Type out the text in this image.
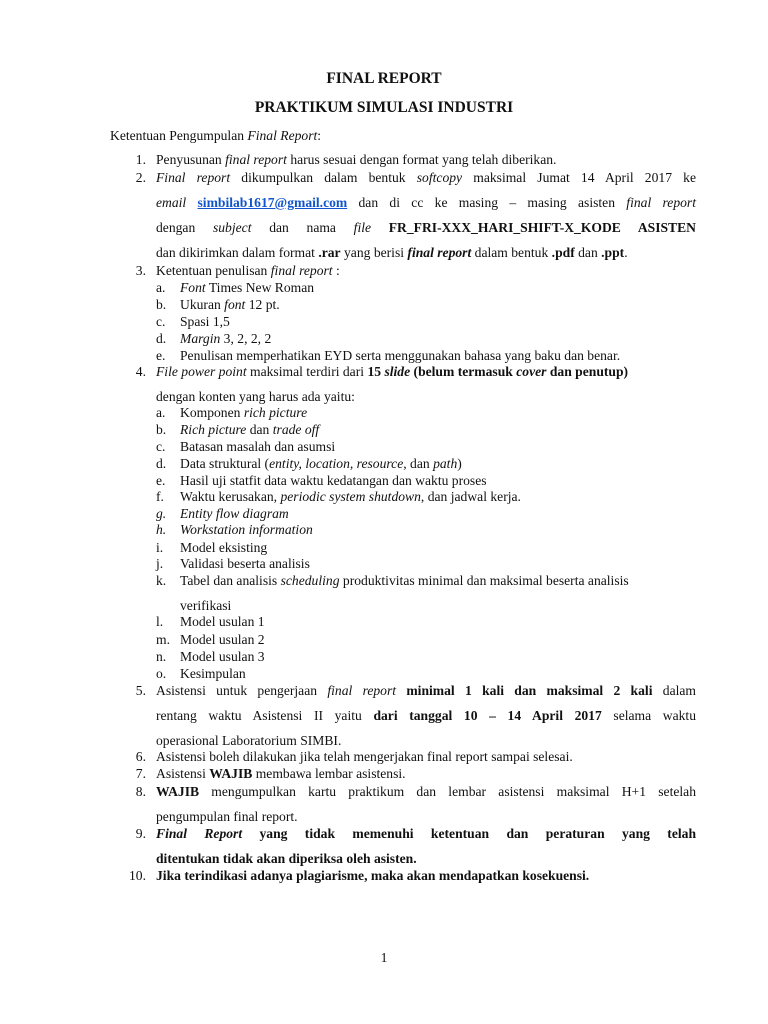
FINAL REPORT
PRAKTIKUM SIMULASI INDUSTRI
Ketentuan Pengumpulan Final Report:
1. Penyusunan final report harus sesuai dengan format yang telah diberikan.
2. Final report dikumpulkan dalam bentuk softcopy maksimal Jumat 14 April 2017 ke
email simbilab1617@gmail.com dan di cc ke masing – masing asisten final report
dengan subject dan nama file FR_FRI-XXX_HARI_SHIFT-X_KODE ASISTEN
dan dikirimkan dalam format .rar yang berisi final report dalam bentuk .pdf dan .ppt.
3. Ketentuan penulisan final report :
a. Font Times New Roman
b. Ukuran font 12 pt.
c. Spasi 1,5
d. Margin 3, 2, 2, 2
e. Penulisan memperhatikan EYD serta menggunakan bahasa yang baku dan benar.
4. File power point maksimal terdiri dari 15 slide (belum termasuk cover dan penutup)
dengan konten yang harus ada yaitu:
a. Komponen rich picture
b. Rich picture dan trade off
c. Batasan masalah dan asumsi
d. Data struktural (entity, location, resource, dan path)
e. Hasil uji statfit data waktu kedatangan dan waktu proses
f. Waktu kerusakan, periodic system shutdown, dan jadwal kerja.
g. Entity flow diagram
h. Workstation information
i. Model eksisting
j. Validasi beserta analisis
k. Tabel dan analisis scheduling produktivitas minimal dan maksimal beserta analisis
verifikasi
l. Model usulan 1
m. Model usulan 2
n. Model usulan 3
o. Kesimpulan
5. Asistensi untuk pengerjaan final report minimal 1 kali dan maksimal 2 kali dalam
rentang waktu Asistensi II yaitu dari tanggal 10 – 14 April 2017 selama waktu
operasional Laboratorium SIMBI.
6. Asistensi boleh dilakukan jika telah mengerjakan final report sampai selesai.
7. Asistensi WAJIB membawa lembar asistensi.
8. WAJIB mengumpulkan kartu praktikum dan lembar asistensi maksimal H+1 setelah
pengumpulan final report.
9. Final Report yang tidak memenuhi ketentuan dan peraturan yang telah
ditentukan tidak akan diperiksa oleh asisten.
10. Jika terindikasi adanya plagiarisme, maka akan mendapatkan kosekuensi.
1
